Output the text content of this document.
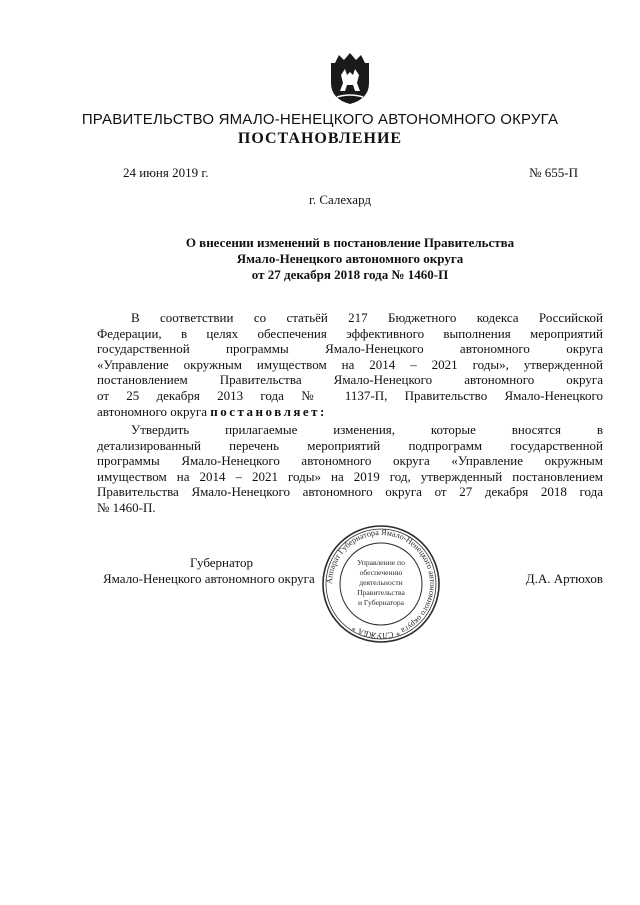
ПРАВИТЕЛЬСТВО ЯМАЛО-НЕНЕЦКОГО АВТОНОМНОГО ОКРУГА
ПОСТАНОВЛЕНИЕ
24 июня 2019 г.	№ 655-П
г. Салехард
О внесении изменений в постановление Правительства
Ямало-Ненецкого автономного округа
от 27 декабря 2018 года № 1460-П
В соответствии со статьёй 217 Бюджетного кодекса Российской
Федерации, в целях обеспечения эффективного выполнения мероприятий
государственной программы Ямало-Ненецкого автономного округа
«Управление окружным имуществом на 2014 – 2021 годы», утвержденной
постановлением Правительства Ямало-Ненецкого автономного округа
от 25 декабря 2013 года № 1137-П, Правительство Ямало-Ненецкого
автономного округа постановляет:
Утвердить прилагаемые изменения, которые вносятся в
детализированный перечень мероприятий подпрограмм государственной
программы Ямало-Ненецкого автономного округа «Управление окружным
имуществом на 2014 – 2021 годы» на 2019 год, утвержденный постановлением
Правительства Ямало-Ненецкого автономного округа от 27 декабря 2018 года
№ 1460-П.
Губернатор
Ямало-Ненецкого автономного округа	Д.А. Артюхов
Аппарат Губернатора Ямало-Ненецкого автономного округа * СЛУЖБА *
Управление по
обеспечению
деятельности
Правительства
и Губернатора
